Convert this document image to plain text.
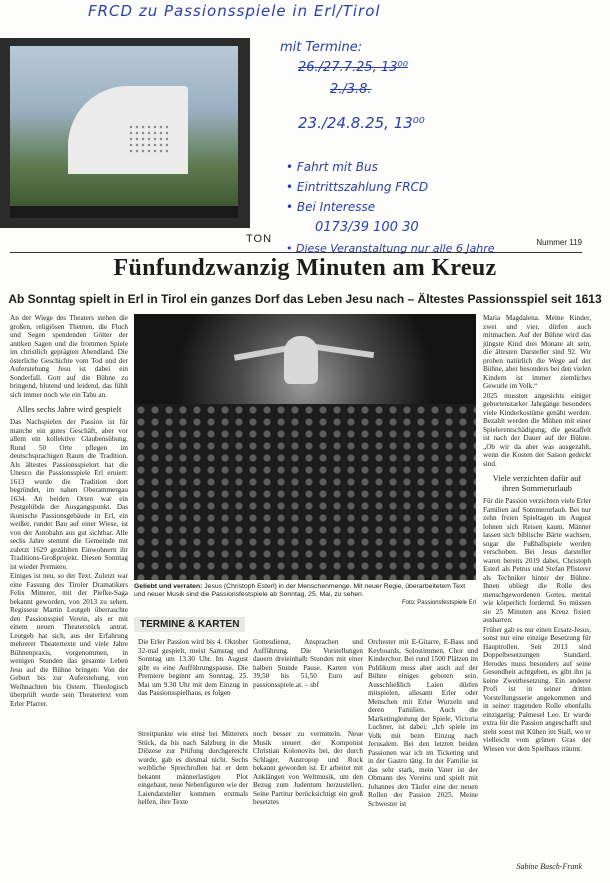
FRCD zu Passionsspiele in Erl/Tirol
mit Termine:
26./27.7.25, 13⁰⁰
2./3.8.
23./24.8.25, 13⁰⁰
• Fahrt mit Bus
• Eintrittszahlung FRCD
• Bei Interesse
0173/39 100 30
• Diese Veranstaltung nur alle 6 Jahre
TON	Nummer 119
Fünfundzwanzig Minuten am Kreuz
Ab Sonntag spielt in Erl in Tirol ein ganzes Dorf das Leben Jesu nach – Ältestes Passionsspiel seit 1613

An der Wiege des Theaters stehen die großen, religiösen Themen, die Fluch und Segen spendenden Götter der antiken Sagen und die frommen Spiele im christlich geprägten Abendland. Die österliche Geschichte vom Tod und der Auferstehung Jesu ist dabei ein Sonderfall. Gott auf die Bühne zu bringend, blutend und leidend, das fühlt sich immer noch wie ein Tabu an.

Alles sechs Jahre wird gespielt

Das Nachspielen der Passion ist für manche ein gutes Geschäft, aber vor allem ein kollektive Glaubensübung. Rund 50 Orte pflegen im deutschsprachigen Raum die Tradition. Als ältestes Passionsspielort hat die Unesco die Passionsspiele Erl eruiert: 1613 wurde die Tradition dort begründet, im nahen Oberammergau 1634. An beiden Orten war ein Pestgelübde der Ausgangspunkt. Das ikonische Passionsgebäude in Erl, ein weißer, runder Bau auf einer Wiese, ist von der Autobahn aus gut sichtbar. Alle sechs Jahre stemmt die Gemeinde mit zuletzt 1629 gezählten Einwohnern ihr Traditions-Großprojekt. Diesen Sonntag ist wieder Premiere.

Einiges ist neu, so der Text. Zuletzt war eine Fassung des Tiroler Dramatikers Felix Mitterer, mit der Piefke-Saga bekannt geworden, von 2013 zu sehen. Regisseur Martin Leutgeb überraschte den Passionsspiel Verein, als er mit einem neuen Theaterstück antrat. Leutgeb hat sich, aus der Erfahrung mehrerer Theatertexte und viele Jahre Bühnenpraxis, vorgenommen, in wenigen Stunden das gesamte Leben Jesu auf die Bühne bringen: Von der Geburt bis zur Auferstehung, von Weihnachten bis Ostern. Theologisch überprüft wurde sein Theatertext vom Erler Pfarrer.

Geliebt und verraten: Jesus (Christoph Esterl) in der Menschenmenge. Mit neuer Regie, überarbeitetem Text und neuer Musik sind die Passionsfestspiele ab Sonntag, 25. Mai, zu sehen.
Foto: Passionsfestspiele Erl
TERMINE & KARTEN
Die Erler Passion wird bis 4. Oktober 32-mal gespielt, meist Samstag und Sonntag um 13.30 Uhr. Im August gibt es eine Aufführungspause. Die Premiere beginnt am Sonntag, 25. Mai um 9.30 Uhr mit dem Einzug in das Passionsspielhaus, es folgen
Gottesdienst, Ansprachen und Aufführung. Die Vorstellungen dauern dreieinhalb Stunden mit einer halben Stunde Pause. Karten von 39,50 bis 51,50 Euro auf passionsspiele.at. – sbf
Streitpunkte wie einst bei Mitterers Stück, da bis nach Salzburg in die Diözese zur Prüfung durchgereicht wurde, gab es diesmal nicht. Sechs weibliche Sprechrollen hat er dem bekannt männerlastigen Plot eingebaut, neue Nebenfiguren wie der Laiendarsteller kommen erstmals helfen, ihre Texte
noch besser zu vermitteln. Neue Musik steuert der Komponist Christian Kolonovits bei, der durch Schlager, Austropop und Rock bekannt geworden ist. Er arbeitet mit Anklängen von Weltmusik, um den Bezug zum Judentum herzustellen. Seine Partitur berücksichtigt ein groß besetztes
Orchester mit E-Gitarre, E-Bass und Keyboards, Solostimmen, Chor und Kinderchor. Bei rund 1500 Plätzen im Publikum muss aber auch auf der Bühne einiges geboten sein. Ausschließlich Laien dürfen mitspielen, allesamt Erler oder Menschen mit Erler Wurzeln und deren Familien. Auch die Marketingleitung der Spiele, Victoria Luchner, ist dabei: „Ich spiele im Volk mit beim Einzug nach Jerusalem. Bei den letzten beiden Passionen war ich im Ticketing und in der Gastro tätig. In der Familie ist das sehr stark, mein Vater ist der Obmann des Vereins und spielt mit Johannes den Täufer eine der neuen Rollen der Passion 2025. Meine Schwester ist

Maria Magdalena. Meine Kinder, zwei und vier, dürfen auch mitmachen. Auf der Bühne wird das jüngste Kind drei Monate alt sein, die ältesten Darsteller sind 92. Wir proben natürlich die Wege auf der Bühne, aber besonders bei den vielen Kindern ist immer ziemliches Gewurle im Volk.“

2025 mussten angesichts einiger geburtenstarker Jahrgänge besonders viele Kinderkostüme genäht werden. Bezahlt werden die Mühen mit einer Spielerentschädigung, die gestaffelt ist nach der Dauer auf der Bühne. „Ob wir da aber was ausgezahlt, wenn die Kosten der Saison gedeckt sind.

Viele verzichten dafür auf ihren Sommerurlaub

Für die Passion verzichten viele Erler Familien auf Sommerurlaub. Bei nur zehn freien Spieltagen im August lohnen sich Reisen kaum. Männer lassen sich biblische Bärte wachsen, sogar die Fußballspiele werden verschoben. Bei Jesus darsteller waren bereits 2019 dabei, Christoph Esterl als Petrus und Stefan Pfisterer als Techniker hinter der Bühne. Ihnen obliegt die Rolle des menschgewordenen Gottes, mental wie körperlich fordernd. So müssen sie 25 Minuten ans Kreuz fixiert ausharren.

Früher gab es nur einen Ersatz-Jesus, sonst nur eine einzige Besetzung für Hauptrollen. Seit 2013 sind Doppelbesetzungen Standard. Herodes muss besonders auf seine Gesundheit achtgeben, es gibt ihn ja keine Zweitbesetzung. Ein anderer Profi ist in seiner dritten Vorstellungsserie angekommen und in seiner tragenden Rolle ebenfalls einzigartig: Palmesel Leo. Er wurde extra für die Passion angeschafft und steht sonst mit Kühen im Stall, wo er vielleicht vom grünen Gras der Wiesen vor dem Spielhaus träumt.

Sabine Busch-Frank
